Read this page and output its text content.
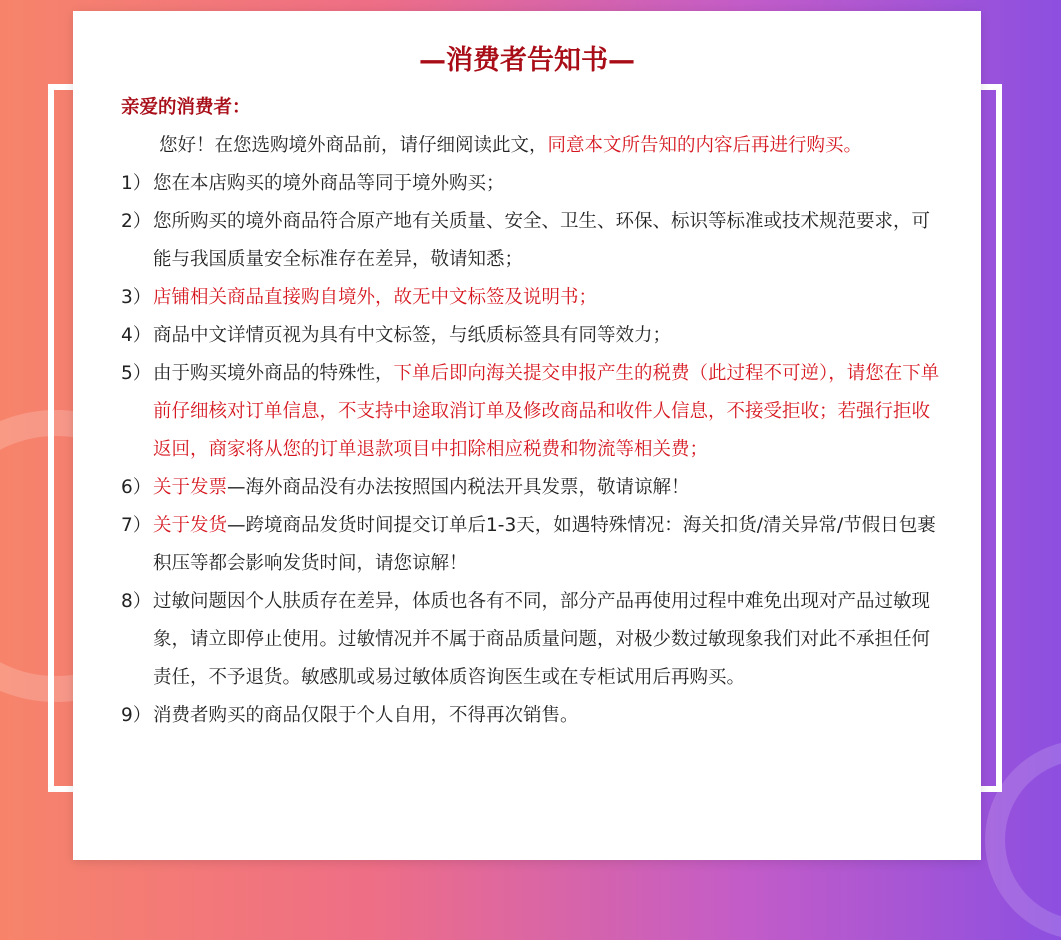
—消费者告知书—
亲爱的消费者：

您好！在您选购境外商品前，请仔细阅读此文，同意本文所告知的内容后再进行购买。

1） 您在本店购买的境外商品等同于境外购买；
2） 您所购买的境外商品符合原产地有关质量、安全、卫生、环保、标识等标准或技术规范要求，可能与我国质量安全标准存在差异，敬请知悉；
3） 店铺相关商品直接购自境外，故无中文标签及说明书；
4） 商品中文详情页视为具有中文标签，与纸质标签具有同等效力；
5） 由于购买境外商品的特殊性，下单后即向海关提交申报产生的税费（此过程不可逆），请您在下单前仔细核对订单信息，不支持中途取消订单及修改商品和收件人信息，不接受拒收；若强行拒收返回，商家将从您的订单退款项目中扣除相应税费和物流等相关费；
6） 关于发票—海外商品没有办法按照国内税法开具发票，敬请谅解！
7） 关于发货—跨境商品发货时间提交订单后1-3天，如遇特殊情况：海关扣货/清关异常/节假日包裹积压等都会影响发货时间，请您谅解！
8） 过敏问题因个人肤质存在差异，体质也各有不同，部分产品再使用过程中难免出现对产品过敏现象，请立即停止使用。过敏情况并不属于商品质量问题，对极少数过敏现象我们对此不承担任何责任，不予退货。敏感肌或易过敏体质咨询医生或在专柜试用后再购买。
9） 消费者购买的商品仅限于个人自用，不得再次销售。
